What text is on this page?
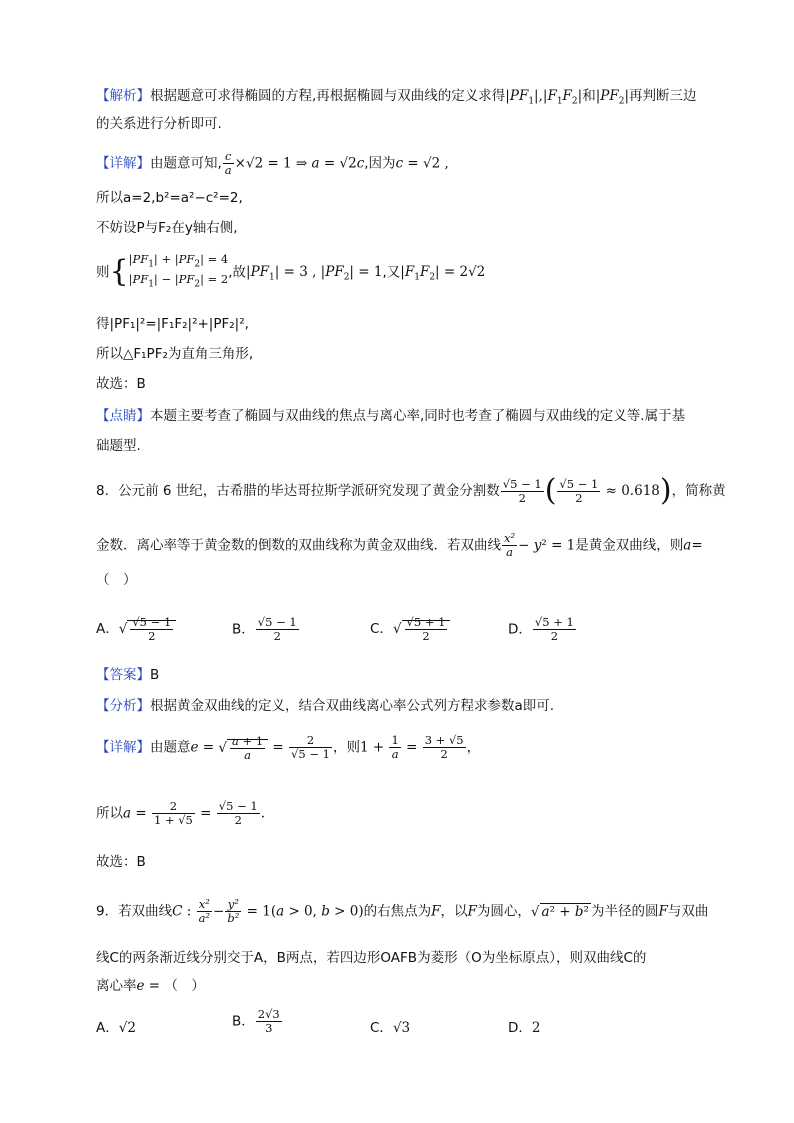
【解析】根据题意可求得椭圆的方程,再根据椭圆与双曲线的定义求得$|PF_1|,|F_1F_2|$和$|PF_2|$再判断三边
的关系进行分析即可.
【详解】由题意可知, $\frac{c}{a} \times√2 = 1$ ⇒ a = √2c,因为c = √2 ,
所以a=2,b²=a²−c²=2,
不妨设P与F₂在y轴右侧,
则{$|PF_1| + |PF_2| = 4$
$|PF_1| - |PF_2| = 2$,故$|PF_1| = 3$ , $|PF_2| = 1$,又$|F_1F_2| = 2√2$
得|PF₁|²=|F₁F₂|²+|PF₂|²,
所以△F₁PF₂为直角三角形,
故选：B
【点睛】本题主要考查了椭圆与双曲线的焦点与离心率,同时也考查了椭圆与双曲线的定义等.属于基
础题型.
8．公元前 6 世纪，古希腊的毕达哥拉斯学派研究发现了黄金分割数 $\frac{√5 - 1}{2}$ ( $\frac{√5 - 1}{2} \approx 0.618$)，简称黄
金数．离心率等于黄金数的倒数的双曲线称为黄金双曲线．若双曲线 $\frac{\text{x²}}{a} - y^2 = 1$是黄金双曲线，则a=
（　）
A．√ $\frac{√5 - 1}{2}$	B． $\frac{√5 - 1}{2}$	C．√ $\frac{√5 + 1}{2}$	D． $\frac{√5 + 1}{2}$
【答案】B
【分析】根据黄金双曲线的定义，结合双曲线离心率公式列方程求参数a即可.
【详解】由题意e = √ $\frac{a + 1}{a} = \frac{2}{√5 - 1}$ ，则$1 + \frac{1}{a} = \frac{3 + √5}{2}$ ，
所以$a = \frac{2}{1 + √5} = \frac{√5 - 1}{2}$ .
故选：B
9．若双曲线C : $\frac{\text{x²}}{\text{a²}} - \frac{\text{y²}}{\text{b²}} = 1(a > 0$, b > 0)的右焦点为F，以F为圆心，√ a² + b² 为半径的圆F与双曲
线C的两条渐近线分别交于A，B两点，若四边形OAFB为菱形（O为坐标原点），则双曲线C的
离心率e = （　）
A．√2	B． $\frac{2√3}{3}$	C．√3	D．2
